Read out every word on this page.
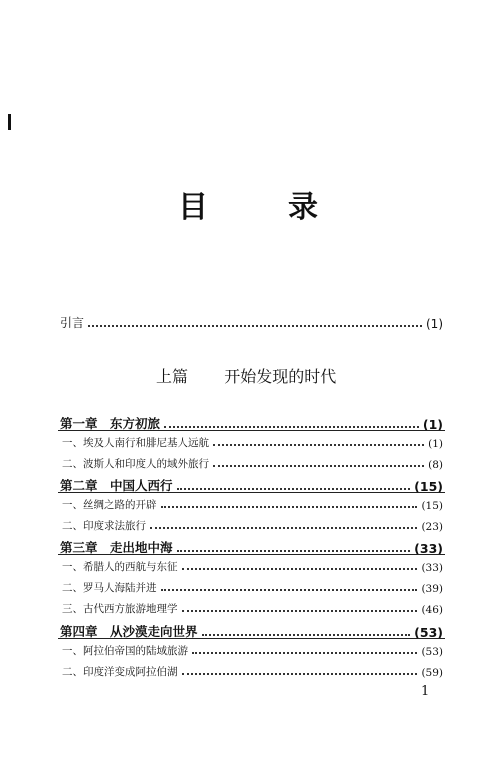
目	录
引言	(1)
上篇 开始发现的时代
第一章　东方初旅	(1)
一、埃及人南行和腓尼基人远航	(1)
二、波斯人和印度人的域外旅行	(8)
第二章　中国人西行	(15)
一、丝绸之路的开辟	(15)
二、印度求法旅行	(23)
第三章　走出地中海	(33)
一、希腊人的西航与东征	(33)
二、罗马人海陆并进	(39)
三、古代西方旅游地理学	(46)
第四章　从沙漠走向世界	(53)
一、阿拉伯帝国的陆域旅游	(53)
二、印度洋变成阿拉伯湖	(59)
1
